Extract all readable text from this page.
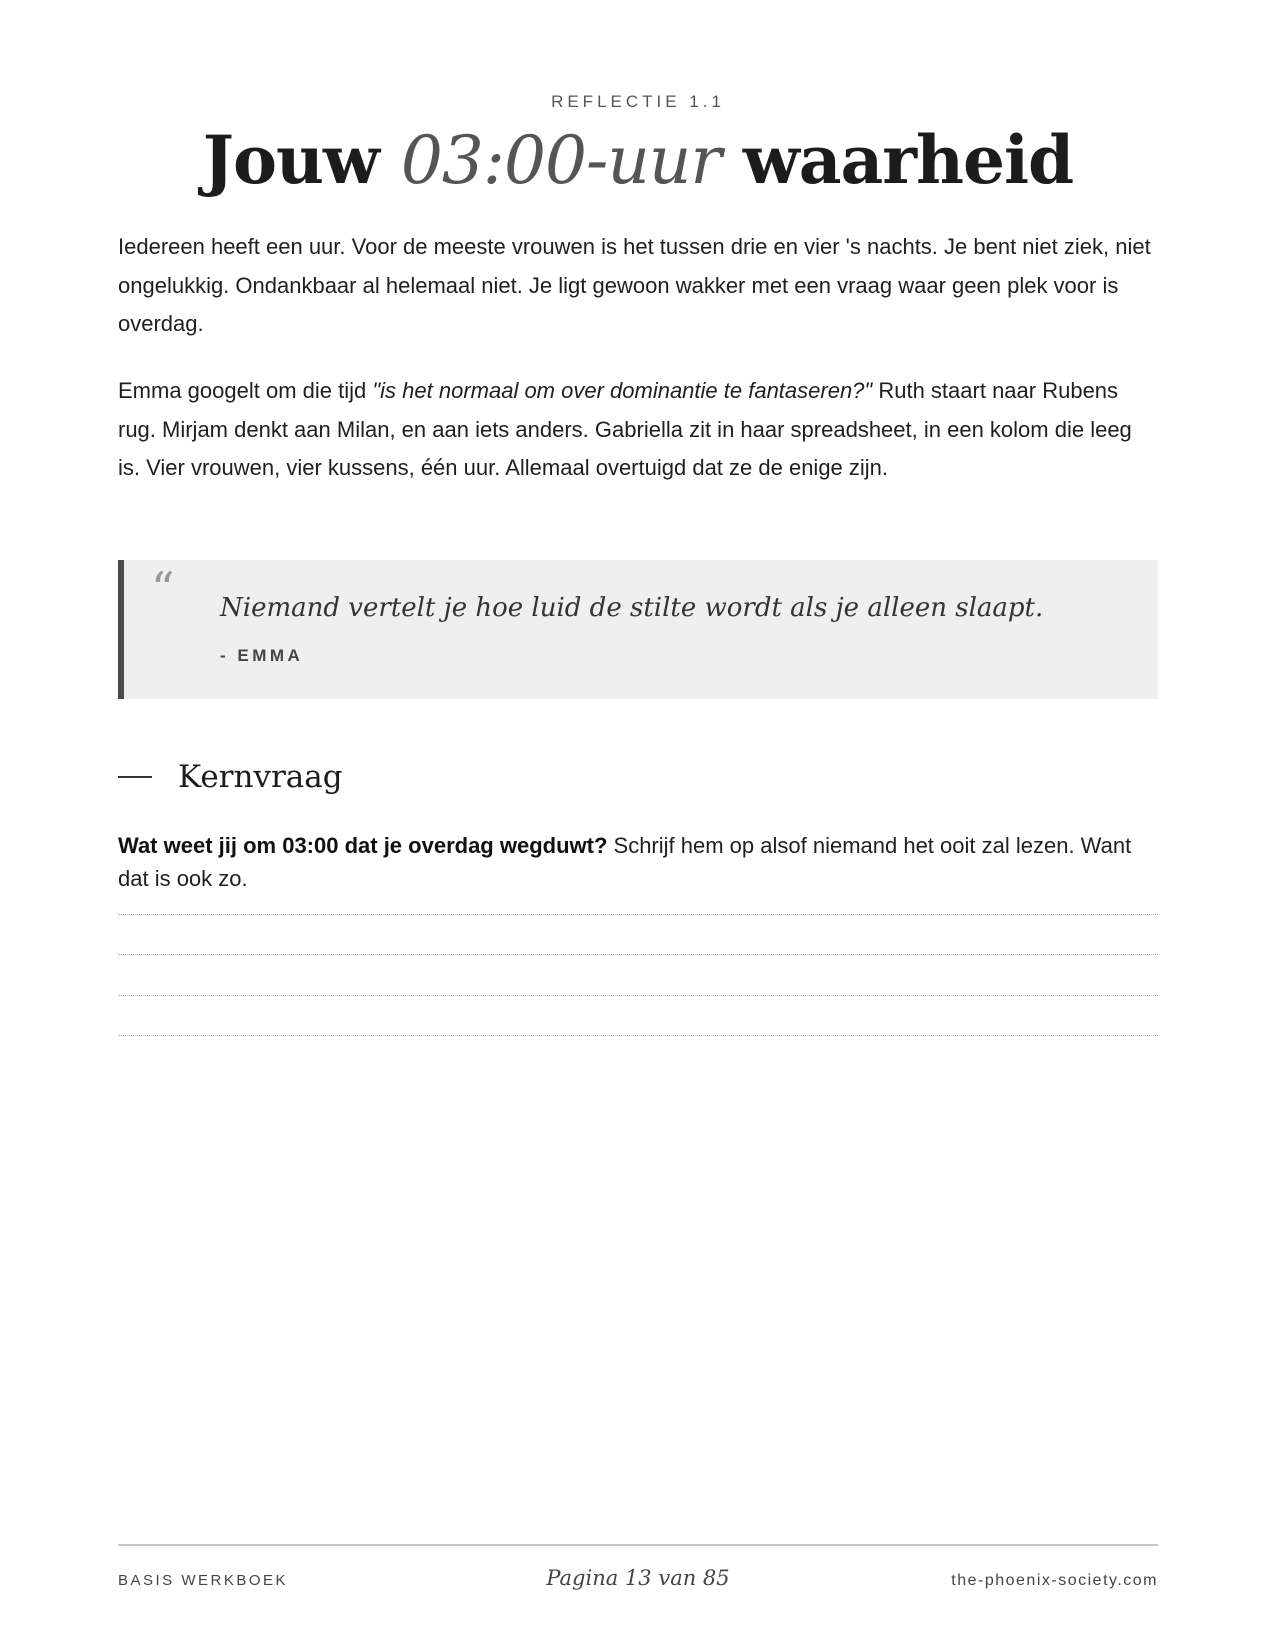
REFLECTIE 1.1
Jouw 03:00-uur waarheid

Iedereen heeft een uur. Voor de meeste vrouwen is het tussen drie en vier 's nachts. Je bent niet ziek, niet ongelukkig. Ondankbaar al helemaal niet. Je ligt gewoon wakker met een vraag waar geen plek voor is overdag.

Emma googelt om die tijd "is het normaal om over dominantie te fantaseren?" Ruth staart naar Rubens rug. Mirjam denkt aan Milan, en aan iets anders. Gabriella zit in haar spreadsheet, in een kolom die leeg is. Vier vrouwen, vier kussens, één uur. Allemaal overtuigd dat ze de enige zijn.

“ Niemand vertelt je hoe luid de stilte wordt als je alleen slaapt.

- EMMA
Kernvraag

Wat weet jij om 03:00 dat je overdag wegduwt? Schrijf hem op alsof niemand het ooit zal lezen. Want dat is ook zo.

BASIS WERKBOEK	Pagina 13 van 85	the-phoenix-society.com
